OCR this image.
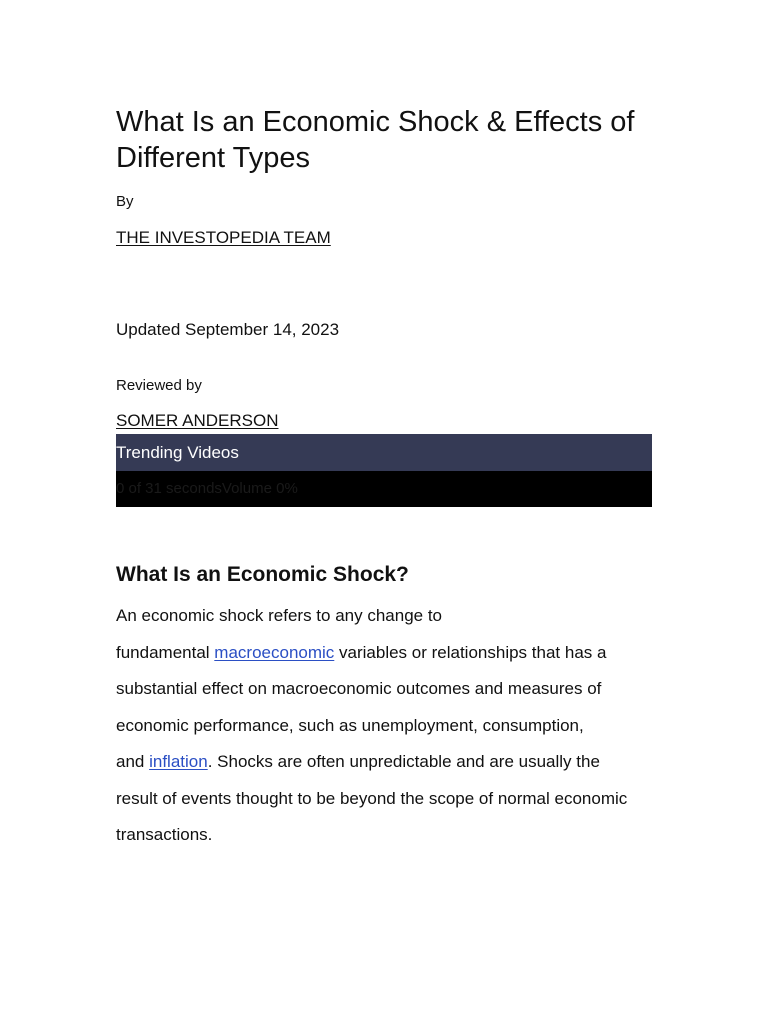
What Is an Economic Shock & Effects of Different Types
By
THE INVESTOPEDIA TEAM
Updated September 14, 2023
Reviewed by
SOMER ANDERSON
Trending Videos
0 of 31 secondsVolume 0%
What Is an Economic Shock?

An economic shock refers to any change to
fundamental macroeconomic variables or relationships that has a
substantial effect on macroeconomic outcomes and measures of
economic performance, such as unemployment, consumption,
and inflation. Shocks are often unpredictable and are usually the
result of events thought to be beyond the scope of normal economic
transactions.
